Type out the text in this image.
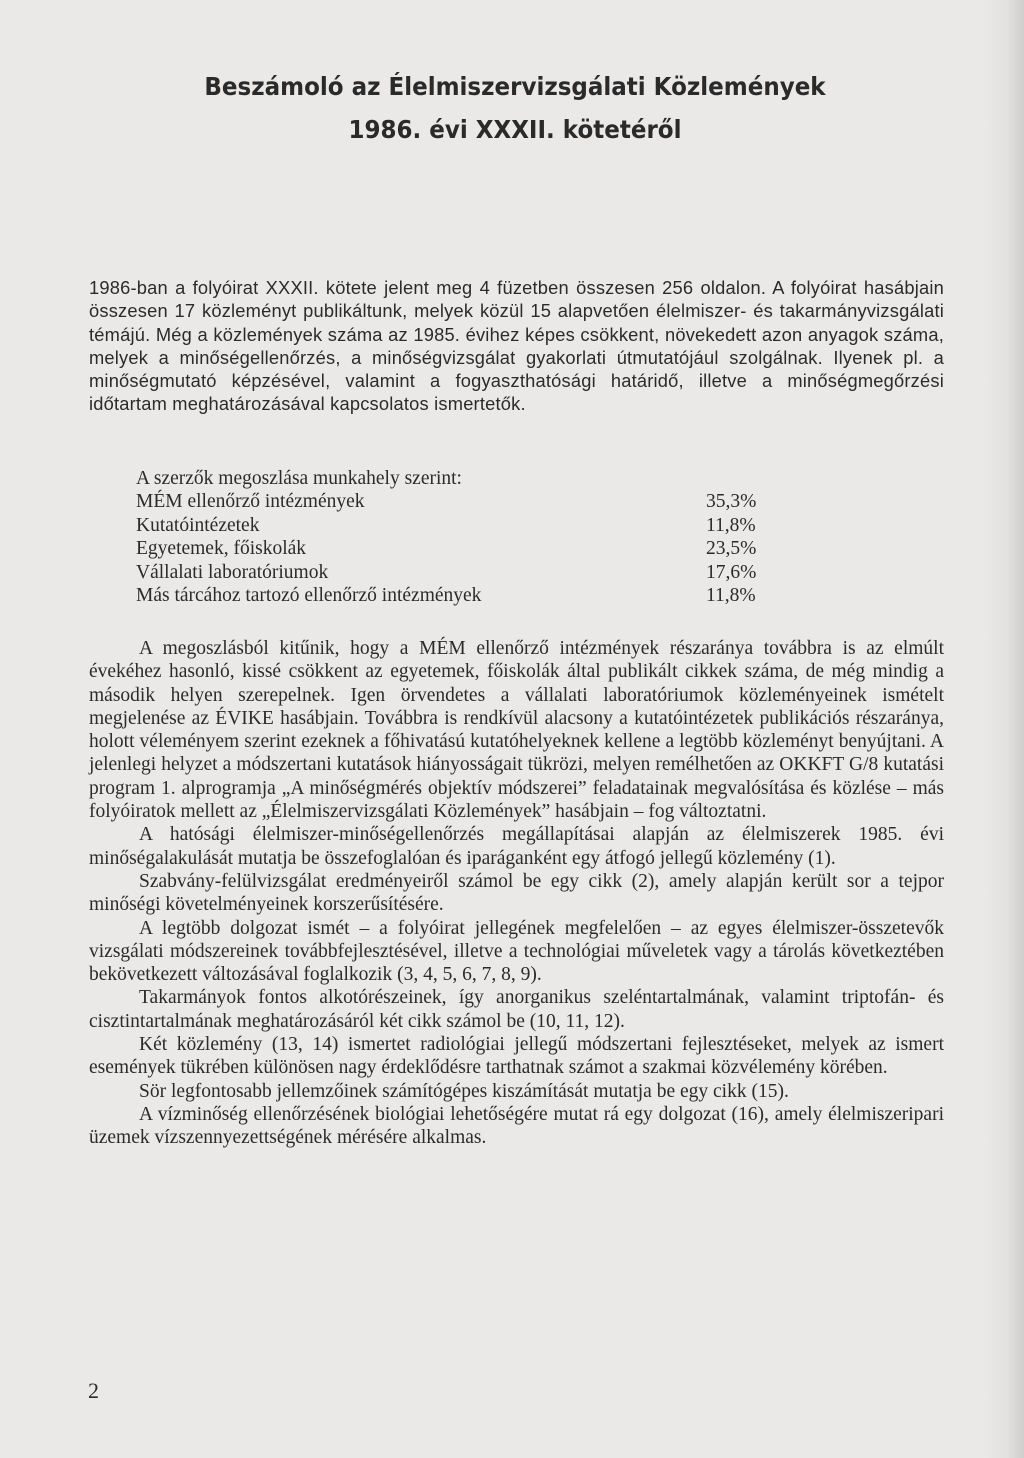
Beszámoló az Élelmiszervizsgálati Közlemények
1986. évi XXXII. kötetéről

1986-ban a folyóirat XXXII. kötete jelent meg 4 füzetben összesen 256 oldalon. A folyóirat hasábjain összesen 17 közleményt publikáltunk, melyek közül 15 alapvetően élelmiszer- és takarmányvizsgálati témájú. Még a közlemények száma az 1985. évihez képes csökkent, növekedett azon anyagok száma, melyek a minőségellenőrzés, a minőségvizsgálat gyakorlati útmutatójául szolgálnak. Ilyenek pl. a minőségmutató képzésével, valamint a fogyaszthatósági határidő, illetve a minőségmegőrzési időtartam meghatározásával kapcsolatos ismertetők.

A szerzők megoszlása munkahely szerint:

MÉM ellenőrző intézmények	35,3%
Kutatóintézetek	11,8%
Egyetemek, főiskolák	23,5%
Vállalati laboratóriumok	17,6%
Más tárcához tartozó ellenőrző intézmények	11,8%

A megoszlásból kitűnik, hogy a MÉM ellenőrző intézmények részaránya továbbra is az elmúlt évekéhez hasonló, kissé csökkent az egyetemek, főiskolák által publikált cikkek száma, de még mindig a második helyen szerepelnek. Igen örvendetes a vállalati laboratóriumok közleményeinek ismételt megjelenése az ÉVIKE hasábjain. Továbbra is rendkívül alacsony a kutatóintézetek publikációs részaránya, holott véleményem szerint ezeknek a főhivatású kutatóhelyeknek kellene a legtöbb közleményt benyújtani. A jelenlegi helyzet a módszertani kutatások hiányosságait tükrözi, melyen remélhetően az OKKFT G/8 kutatási program 1. alprogramja „A minőségmérés objektív módszerei” feladatainak megvalósítása és közlése – más folyóiratok mellett az „Élelmiszervizsgálati Közlemények” hasábjain – fog változtatni.

A hatósági élelmiszer-minőségellenőrzés megállapításai alapján az élelmiszerek 1985. évi minőségalakulását mutatja be összefoglalóan és iparáganként egy átfogó jellegű közlemény (1).

Szabvány-felülvizsgálat eredményeiről számol be egy cikk (2), amely alapján került sor a tejpor minőségi követelményeinek korszerűsítésére.

A legtöbb dolgozat ismét – a folyóirat jellegének megfelelően – az egyes élelmiszer-összetevők vizsgálati módszereinek továbbfejlesztésével, illetve a technológiai műveletek vagy a tárolás következtében bekövetkezett változásával foglalkozik (3, 4, 5, 6, 7, 8, 9).

Takarmányok fontos alkotórészeinek, így anorganikus szeléntartalmának, valamint triptofán- és cisztintartalmának meghatározásáról két cikk számol be (10, 11, 12).

Két közlemény (13, 14) ismertet radiológiai jellegű módszertani fejlesztéseket, melyek az ismert események tükrében különösen nagy érdeklődésre tarthatnak számot a szakmai közvélemény körében.

Sör legfontosabb jellemzőinek számítógépes kiszámítását mutatja be egy cikk (15).

A vízminőség ellenőrzésének biológiai lehetőségére mutat rá egy dolgozat (16), amely élelmiszeripari üzemek vízszennyezettségének mérésére alkalmas.

2
